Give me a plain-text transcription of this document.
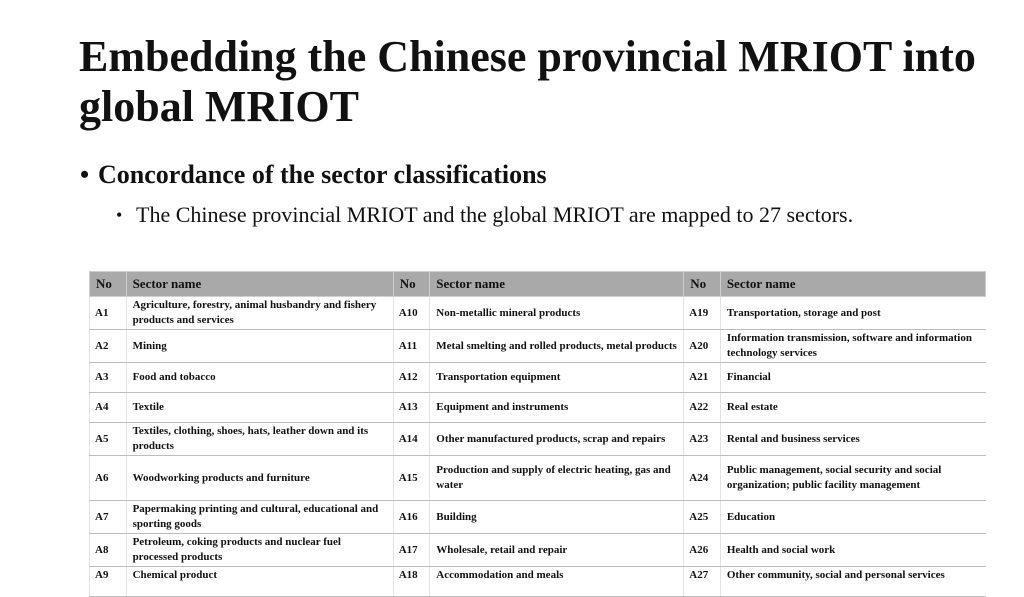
Embedding the Chinese provincial MRIOT into global MRIOT
• Concordance of the sector classifications
• The Chinese provincial MRIOT and the global MRIOT are mapped to 27 sectors.
No	Sector name	No	Sector name	No	Sector name
A1	Agriculture, forestry, animal husbandry and fishery products and services	A10	Non-metallic mineral products	A19	Transportation, storage and post
A2	Mining	A11	Metal smelting and rolled products, metal products	A20	Information transmission, software and information technology services
A3	Food and tobacco	A12	Transportation equipment	A21	Financial
A4	Textile	A13	Equipment and instruments	A22	Real estate
A5	Textiles, clothing, shoes, hats, leather down and its products	A14	Other manufactured products, scrap and repairs	A23	Rental and business services
A6	Woodworking products and furniture	A15	Production and supply of electric heating, gas and water	A24	Public management, social security and social organization; public facility management
A7	Papermaking printing and cultural, educational and sporting goods	A16	Building	A25	Education
A8	Petroleum, coking products and nuclear fuel processed products	A17	Wholesale, retail and repair	A26	Health and social work
A9	Chemical product	A18	Accommodation and meals	A27	Other community, social and personal services
